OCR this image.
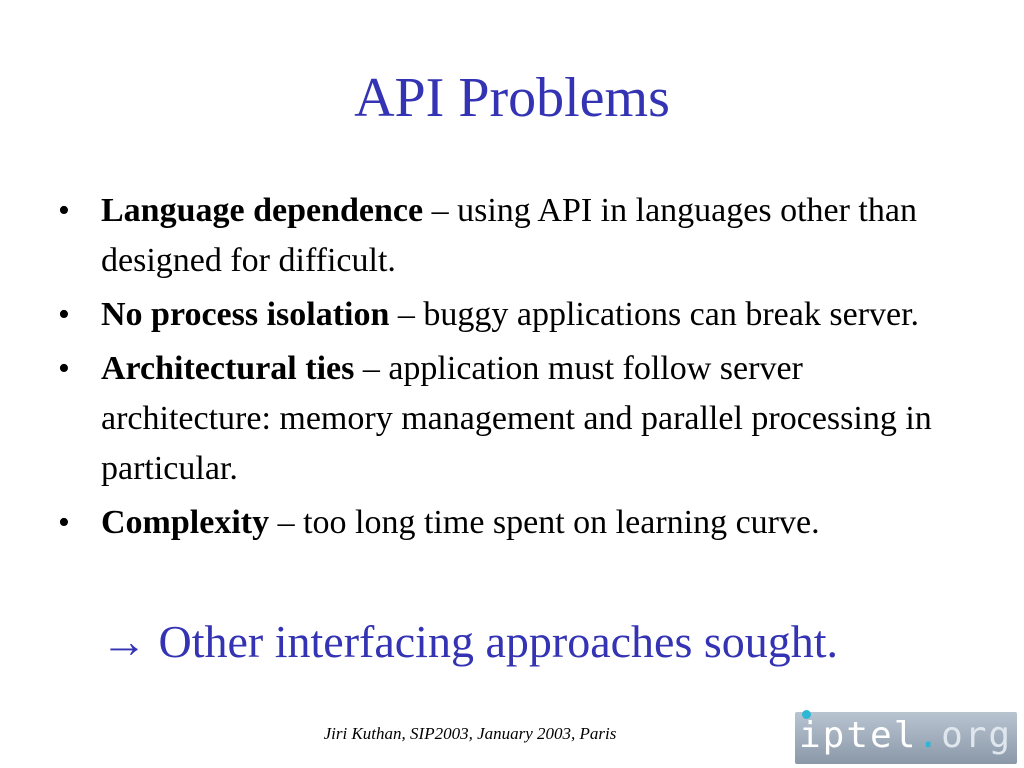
API Problems
• Language dependence – using API in languages other than designed for difficult.
• No process isolation – buggy applications can break server.
• Architectural ties – application must follow server architecture: memory management and parallel processing in particular.
• Complexity – too long time spent on learning curve.
→ Other interfacing approaches sought.
Jiri Kuthan, SIP2003, January 2003, Paris	iptel.org
